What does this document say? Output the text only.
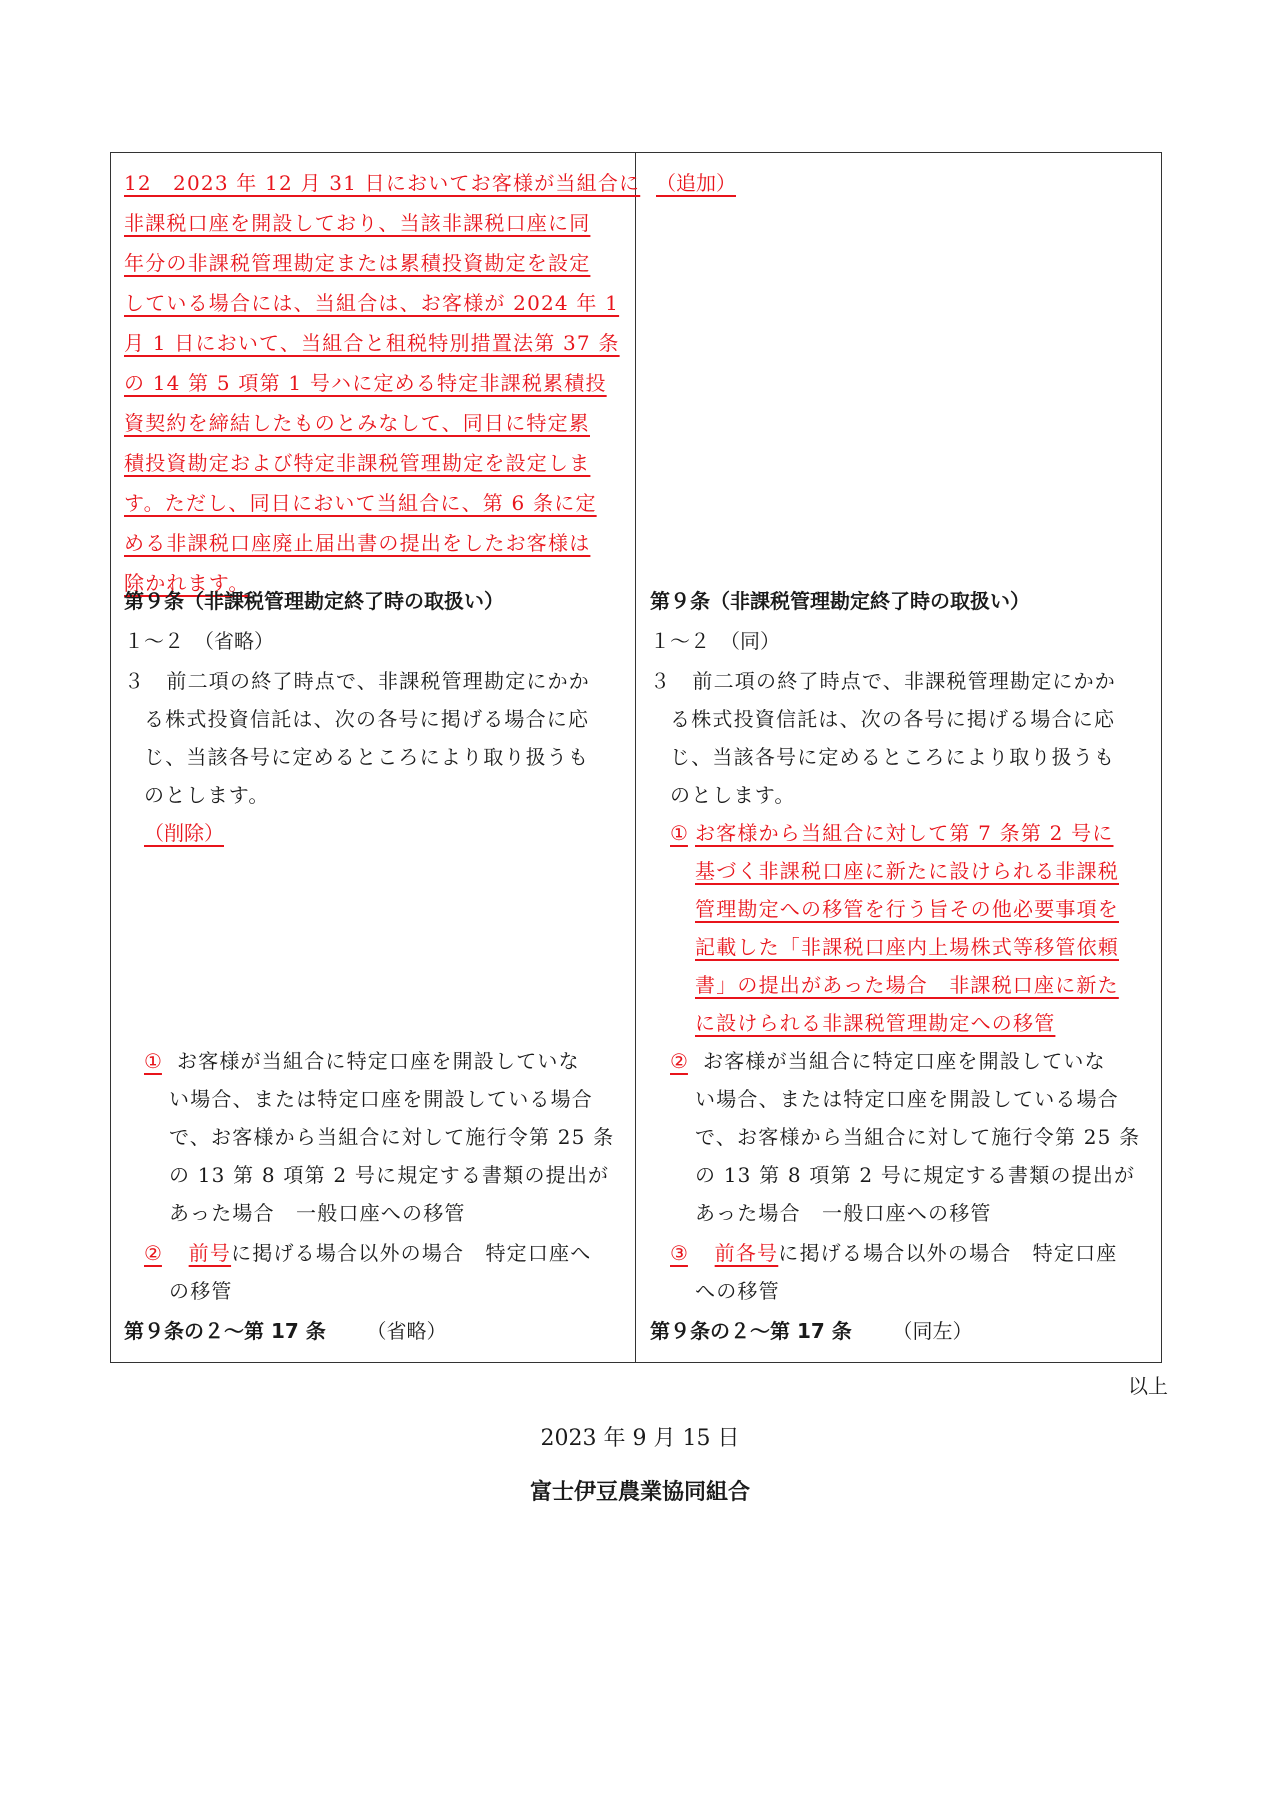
12　2023 年 12 月 31 日においてお客様が当組合に
非課税口座を開設しており、当該非課税口座に同
年分の非課税管理勘定または累積投資勘定を設定
している場合には、当組合は、お客様が 2024 年 1
月 1 日において、当組合と租税特別措置法第 37 条
の 14 第 5 項第 1 号ハに定める特定非課税累積投
資契約を締結したものとみなして、同日に特定累
積投資勘定および特定非課税管理勘定を設定しま
す。ただし、同日において当組合に、第 6 条に定
める非課税口座廃止届出書の提出をしたお客様は
除かれます。
（追加）
第９条（非課税管理勘定終了時の取扱い）
１～２　（省略）
３　前二項の終了時点で、非課税管理勘定にかか
る株式投資信託は、次の各号に掲げる場合に応
じ、当該各号に定めるところにより取り扱うも
のとします。
（削除）
第９条（非課税管理勘定終了時の取扱い）
１～２　（同）
３　前二項の終了時点で、非課税管理勘定にかか
る株式投資信託は、次の各号に掲げる場合に応
じ、当該各号に定めるところにより取り扱うも
のとします。
① お客様から当組合に対して第 7 条第 2 号に
基づく非課税口座に新たに設けられる非課税
管理勘定への移管を行う旨その他必要事項を
記載した「非課税口座内上場株式等移管依頼
書」の提出があった場合　非課税口座に新た
に設けられる非課税管理勘定への移管
① お客様が当組合に特定口座を開設していな
い場合、または特定口座を開設している場合
で、お客様から当組合に対して施行令第 25 条
の 13 第 8 項第 2 号に規定する書類の提出が
あった場合　一般口座への移管
② お客様が当組合に特定口座を開設していな
い場合、または特定口座を開設している場合
で、お客様から当組合に対して施行令第 25 条
の 13 第 8 項第 2 号に規定する書類の提出が
あった場合　一般口座への移管
② 前号に掲げる場合以外の場合　特定口座へ
の移管
③ 前各号に掲げる場合以外の場合　特定口座
への移管
第９条の２～第 17 条 （省略）	第９条の２～第 17 条 （同左）
以上
2023 年 9 月 15 日
富士伊豆農業協同組合
